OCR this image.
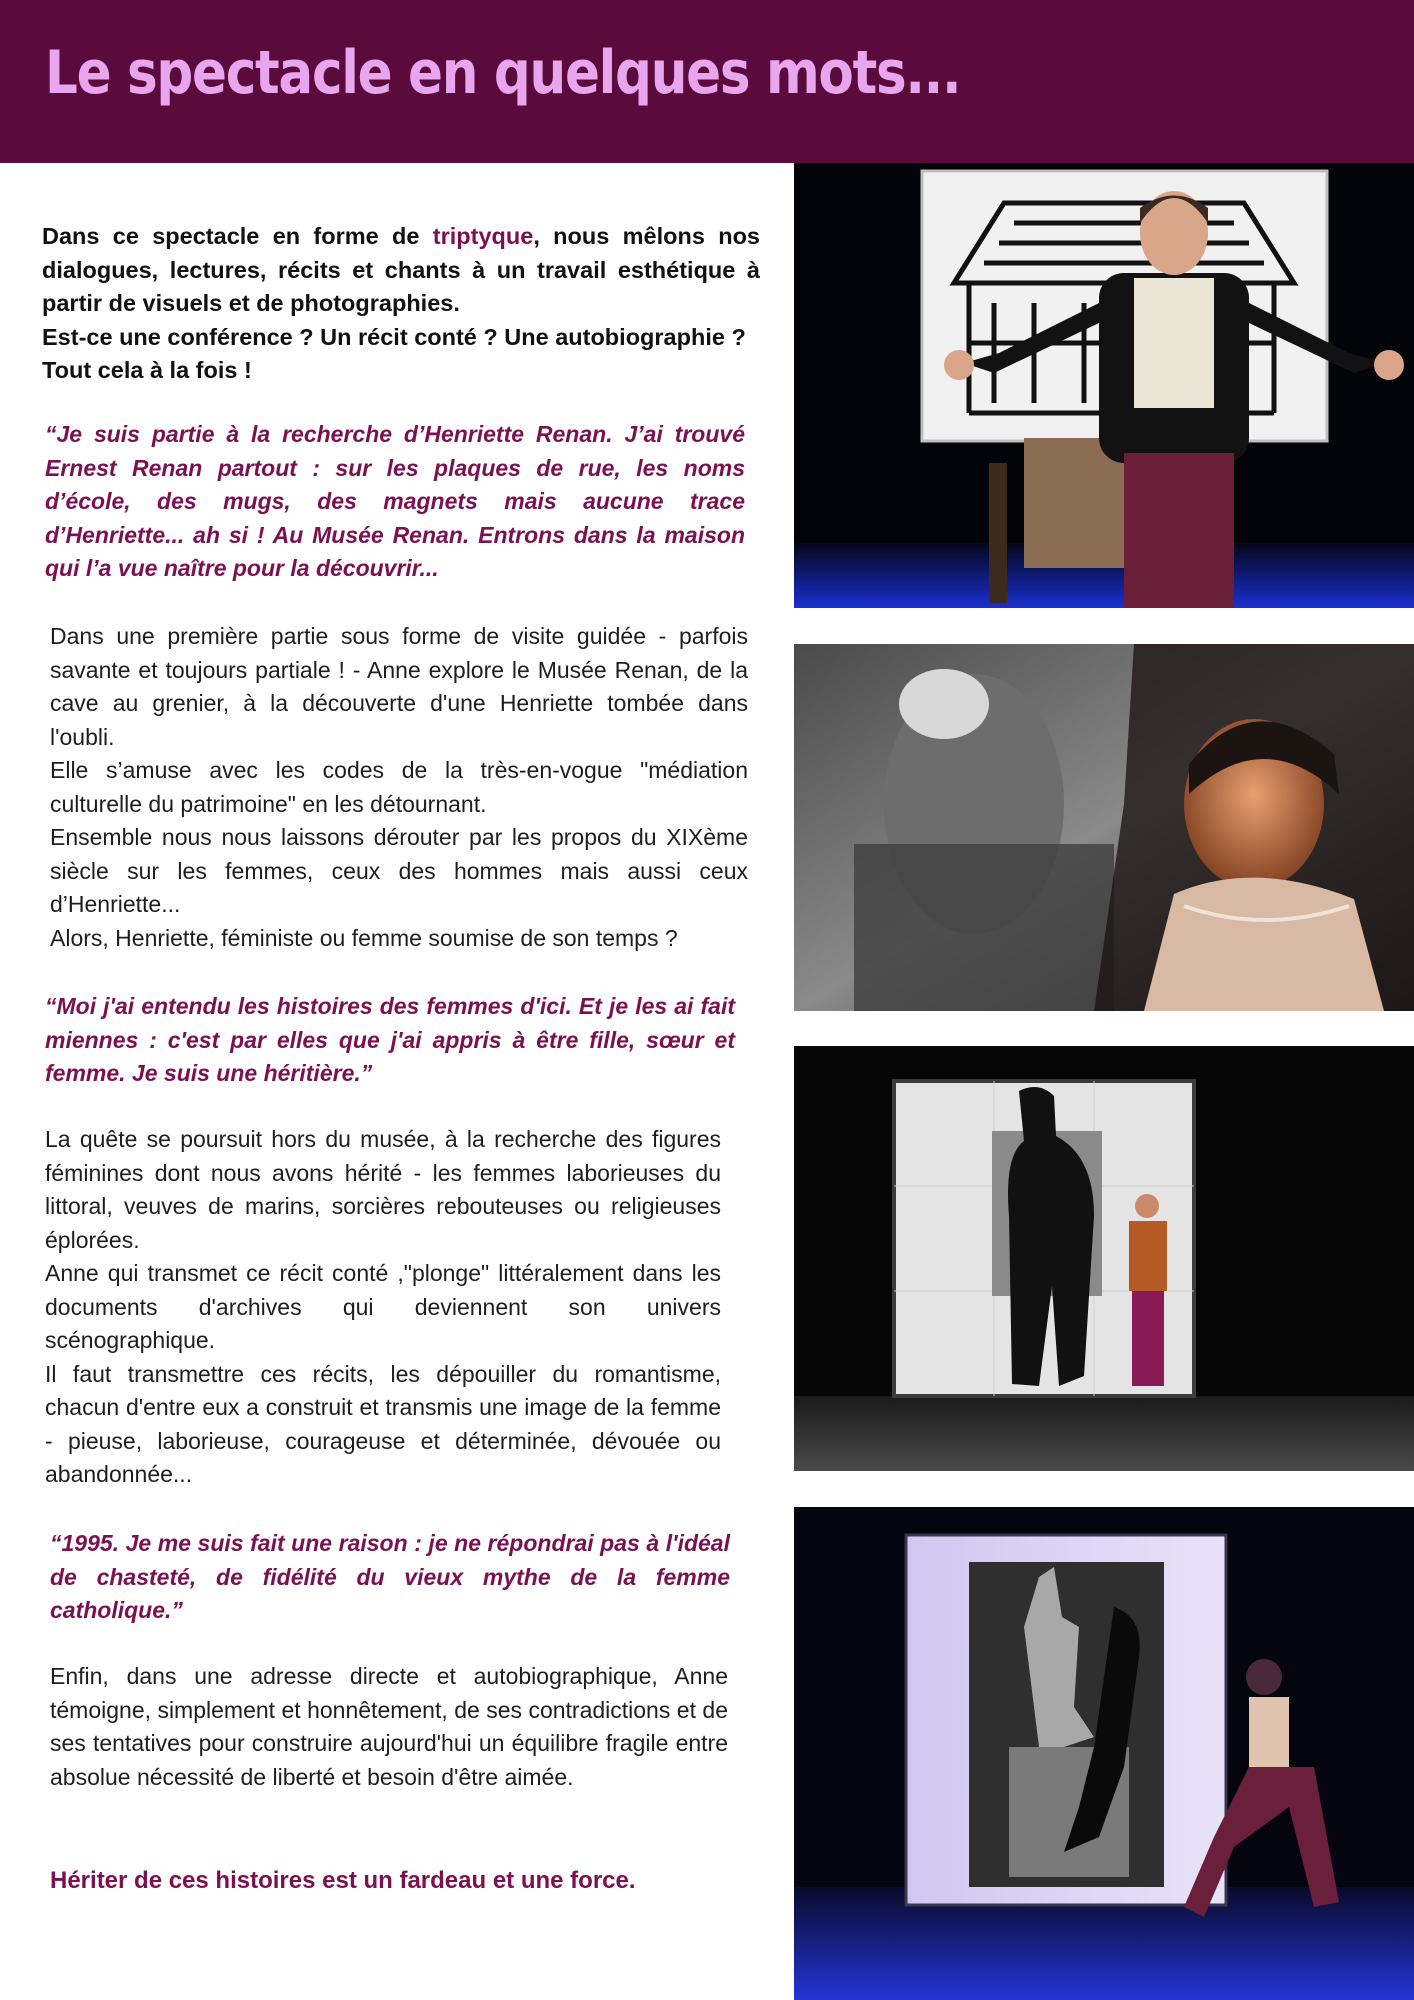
Le spectacle en quelques mots...

Dans ce spectacle en forme de triptyque, nous mêlons nos dialogues, lectures, récits et chants à un travail esthétique à partir de visuels et de photographies.

Est-ce une conférence ? Un récit conté ? Une autobiographie ?

Tout cela à la fois !

“Je suis partie à la recherche d’Henriette Renan. J’ai trouvé Ernest Renan partout : sur les plaques de rue, les noms d’école, des mugs, des magnets mais aucune trace d’Henriette... ah si ! Au Musée Renan. Entrons dans la maison qui l’a vue naître pour la découvrir...

Dans une première partie sous forme de visite guidée - parfois savante et toujours partiale ! - Anne explore le Musée Renan, de la cave au grenier, à la découverte d'une Henriette tombée dans l'oubli.

Elle s’amuse avec les codes de la très-en-vogue "médiation culturelle du patrimoine" en les détournant.

Ensemble nous nous laissons dérouter par les propos du XIXème siècle sur les femmes, ceux des hommes mais aussi ceux d’Henriette...

Alors, Henriette, féministe ou femme soumise de son temps ?

“Moi j'ai entendu les histoires des femmes d'ici. Et je les ai fait miennes : c'est par elles que j'ai appris à être fille, sœur et femme. Je suis une héritière.”

La quête se poursuit hors du musée, à la recherche des figures féminines dont nous avons hérité - les femmes laborieuses du littoral, veuves de marins, sorcières rebouteuses ou religieuses éplorées.

Anne qui transmet ce récit conté ,"plonge" littéralement dans les documents d'archives qui deviennent son univers scénographique.

Il faut transmettre ces récits, les dépouiller du romantisme, chacun d'entre eux a construit et transmis une image de la femme - pieuse, laborieuse, courageuse et déterminée, dévouée ou abandonnée...

“1995. Je me suis fait une raison : je ne répondrai pas à l'idéal de chasteté, de fidélité du vieux mythe de la femme catholique.”

Enfin, dans une adresse directe et autobiographique, Anne témoigne, simplement et honnêtement, de ses contradictions et de ses tentatives pour construire aujourd'hui un équilibre fragile entre absolue nécessité de liberté et besoin d'être aimée.

Hériter de ces histoires est un fardeau et une force.
